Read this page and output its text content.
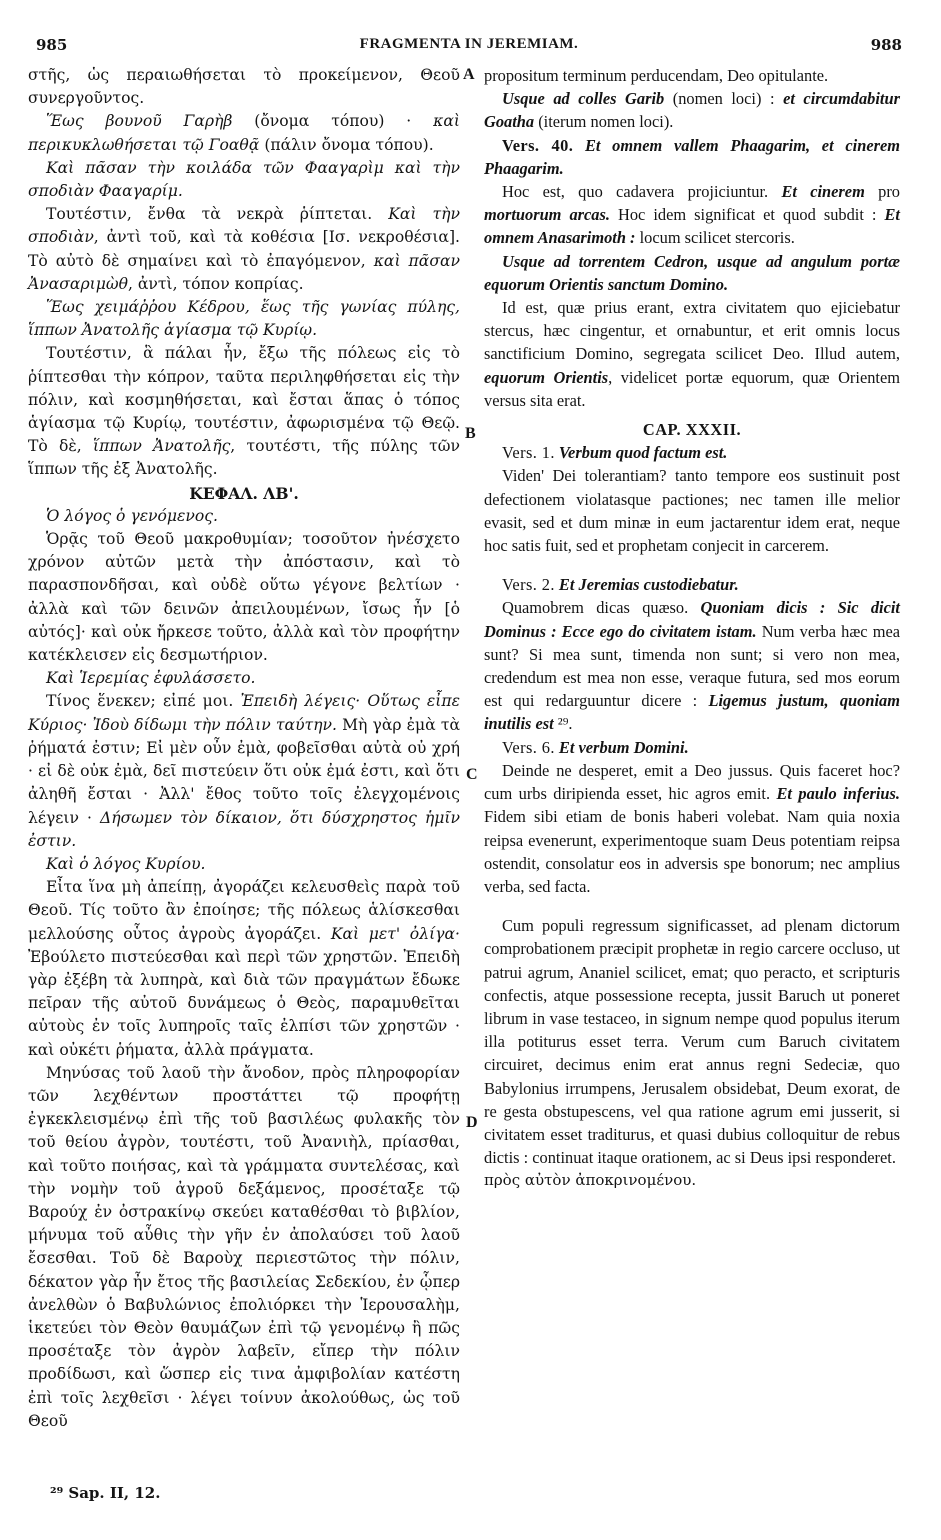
985	FRAGMENTA IN JEREMIAM.	988

στῆς, ὡς περαιωθήσεται τὸ προκείμενον, Θεοῦ συνεργοῦντος.

Ἕως βουνοῦ Γαρὴβ (ὄνομα τόπου) · καὶ περικυκλωθήσεται τῷ Γοαθᾷ (πάλιν ὄνομα τόπου).

Καὶ πᾶσαν τὴν κοιλάδα τῶν Φααγαρὶμ καὶ τὴν σποδιὰν Φααγαρίμ.

Τουτέστιν, ἔνθα τὰ νεκρὰ ῥίπτεται. Καὶ τὴν σποδιὰν, ἀντὶ τοῦ, καὶ τὰ κοθέσια [Ισ. νεκροθέσια]. Τὸ αὐτὸ δὲ σημαίνει καὶ τὸ ἐπαγόμενον, καὶ πᾶσαν Ἀνασαριμὼθ, ἀντὶ, τόπον κοπρίας.

Ἕως χειμάῤῥου Κέδρου, ἕως τῆς γωνίας πύλης, ἵππων Ἀνατολῆς ἁγίασμα τῷ Κυρίῳ.

Τουτέστιν, ἃ πάλαι ἦν, ἔξω τῆς πόλεως εἰς τὸ ῥίπτεσθαι τὴν κόπρον, ταῦτα περιληφθήσεται εἰς τὴν πόλιν, καὶ κοσμηθήσεται, καὶ ἔσται ἅπας ὁ τόπος ἁγίασμα τῷ Κυρίῳ, τουτέστιν, ἀφωρισμένα τῷ Θεῷ. Τὸ δὲ, ἵππων Ἀνατολῆς, τουτέστι, τῆς πύλης τῶν ἵππων τῆς ἐξ Ἀνατολῆς.

ΚΕΦΑΛ. ΛΒ'.

Ὁ λόγος ὁ γενόμενος.

Ὁρᾷς τοῦ Θεοῦ μακροθυμίαν; τοσοῦτον ἠνέσχετο χρόνον αὐτῶν μετὰ τὴν ἀπόστασιν, καὶ τὸ παρασπονδῆσαι, καὶ οὐδὲ οὕτω γέγονε βελτίων · ἀλλὰ καὶ τῶν δεινῶν ἀπειλουμένων, ἴσως ἦν [ὁ αὐτός]· καὶ οὐκ ἤρκεσε τοῦτο, ἀλλὰ καὶ τὸν προφήτην κατέκλεισεν εἰς δεσμωτήριον.

Καὶ Ἱερεμίας ἐφυλάσσετο.

Τίνος ἕνεκεν; εἰπέ μοι. Ἐπειδὴ λέγεις· Οὕτως εἶπε Κύριος· Ἰδοὺ δίδωμι τὴν πόλιν ταύτην. Μὴ γὰρ ἐμὰ τὰ ῥήματά ἐστιν; Εἰ μὲν οὖν ἐμὰ, φοβεῖσθαι αὐτὰ οὐ χρή · εἰ δὲ οὐκ ἐμὰ, δεῖ πιστεύειν ὅτι οὐκ ἐμά ἐστι, καὶ ὅτι ἀληθῆ ἔσται · Ἀλλ' ἔθος τοῦτο τοῖς ἐλεγχομένοις λέγειν · Δήσωμεν τὸν δίκαιον, ὅτι δύσχρηστος ἡμῖν ἐστιν.

Καὶ ὁ λόγος Κυρίου.

Εἶτα ἵνα μὴ ἀπείπῃ, ἀγοράζει κελευσθεὶς παρὰ τοῦ Θεοῦ. Τίς τοῦτο ἂν ἐποίησε; τῆς πόλεως ἁλίσκεσθαι μελλούσης οὗτος ἀγροὺς ἀγοράζει. Καὶ μετ' ὀλίγα· Ἐβούλετο πιστεύεσθαι καὶ περὶ τῶν χρηστῶν. Ἐπειδὴ γὰρ ἐξέβη τὰ λυπηρὰ, καὶ διὰ τῶν πραγμάτων ἔδωκε πεῖραν τῆς αὐτοῦ δυνάμεως ὁ Θεὸς, παραμυθεῖται αὐτοὺς ἐν τοῖς λυπηροῖς ταῖς ἐλπίσι τῶν χρηστῶν · καὶ οὐκέτι ῥήματα, ἀλλὰ πράγματα.

Μηνύσας τοῦ λαοῦ τὴν ἄνοδον, πρὸς πληροφορίαν τῶν λεχθέντων προστάττει τῷ προφήτῃ ἐγκεκλεισμένῳ ἐπὶ τῆς τοῦ βασιλέως φυλακῆς τὸν τοῦ θείου ἀγρὸν, τουτέστι, τοῦ Ἀνανιὴλ, πρίασθαι, καὶ τοῦτο ποιήσας, καὶ τὰ γράμματα συντελέσας, καὶ τὴν νομὴν τοῦ ἀγροῦ δεξάμενος, προσέταξε τῷ Βαρούχ ἐν ὀστρακίνῳ σκεύει καταθέσθαι τὸ βιβλίον, μήνυμα τοῦ αὖθις τὴν γῆν ἐν ἀπολαύσει τοῦ λαοῦ ἔσεσθαι. Τοῦ δὲ Βαροὺχ περιεστῶτος τὴν πόλιν, δέκατον γὰρ ἦν ἔτος τῆς βασιλείας Σεδεκίου, ἐν ᾧπερ ἀνελθὼν ὁ Βαβυλώνιος ἐπολιόρκει τὴν Ἱερουσαλὴμ, ἱκετεύει τὸν Θεὸν θαυμάζων ἐπὶ τῷ γενομένῳ ἢ πῶς προσέταξε τὸν ἀγρὸν λαβεῖν, εἴπερ τὴν πόλιν προδίδωσι, καὶ ὥσπερ εἰς τινα ἀμφιβολίαν κατέστη ἐπὶ τοῖς λεχθεῖσι · λέγει τοίνυν ἀκολούθως, ὡς τοῦ Θεοῦ

propositum terminum perducendam, Deo opitulante.

Usque ad colles Garib (nomen loci) : et circumdabitur Goatha (iterum nomen loci).

Vers. 40. Et omnem vallem Phaagarim, et cinerem Phaagarim.

Hoc est, quo cadavera projiciuntur. Et cinerem pro mortuorum arcas. Hoc idem significat et quod subdit : Et omnem Anasarimoth : locum scilicet stercoris.

Usque ad torrentem Cedron, usque ad angulum portæ equorum Orientis sanctum Domino.

Id est, quæ prius erant, extra civitatem quo ejiciebatur stercus, hæc cingentur, et ornabuntur, et erit omnis locus sanctificium Domino, segregata scilicet Deo. Illud autem, equorum Orientis, videlicet portæ equorum, quæ Orientem versus sita erat.

CAP. XXXII.

Vers. 1. Verbum quod factum est.

Viden' Dei tolerantiam? tanto tempore eos sustinuit post defectionem violatasque pactiones; nec tamen ille melior evasit, sed et dum minæ in eum jactarentur idem erat, neque hoc satis fuit, sed et prophetam conjecit in carcerem.

Vers. 2. Et Jeremias custodiebatur.

Quamobrem dicas quæso. Quoniam dicis : Sic dicit Dominus : Ecce ego do civitatem istam. Num verba hæc mea sunt? Si mea sunt, timenda non sunt; si vero non mea, credendum est mea non esse, veraque futura, sed mos eorum est qui redarguuntur dicere : Ligemus justum, quoniam inutilis est ²⁹.

Vers. 6. Et verbum Domini.

Deinde ne desperet, emit a Deo jussus. Quis faceret hoc? cum urbs diripienda esset, hic agros emit. Et paulo inferius. Fidem sibi etiam de bonis haberi volebat. Nam quia noxia reipsa evenerunt, experimentoque suam Deus potentiam reipsa ostendit, consolatur eos in adversis spe bonorum; nec amplius verba, sed facta.

Cum populi regressum significasset, ad plenam dictorum comprobationem præcipit prophetæ in regio carcere occluso, ut patrui agrum, Ananiel scilicet, emat; quo peracto, et scripturis confectis, atque possessione recepta, jussit Baruch ut poneret librum in vase testaceo, in signum nempe quod populus iterum illa potiturus esset terra. Verum cum Baruch civitatem circuiret, decimus enim erat annus regni Sedeciæ, quo Babylonius irrumpens, Jerusalem obsidebat, Deum exorat, de re gesta obstupescens, vel qua ratione agrum emi jusserit, si civitatem esset traditurus, et quasi dubius colloquitur de rebus dictis : continuat itaque orationem, ac si Deus ipsi responderet.

πρὸς αὐτὸν ἀποκρινομένου.

A
B
C
D
²⁹ Sap. II, 12.
